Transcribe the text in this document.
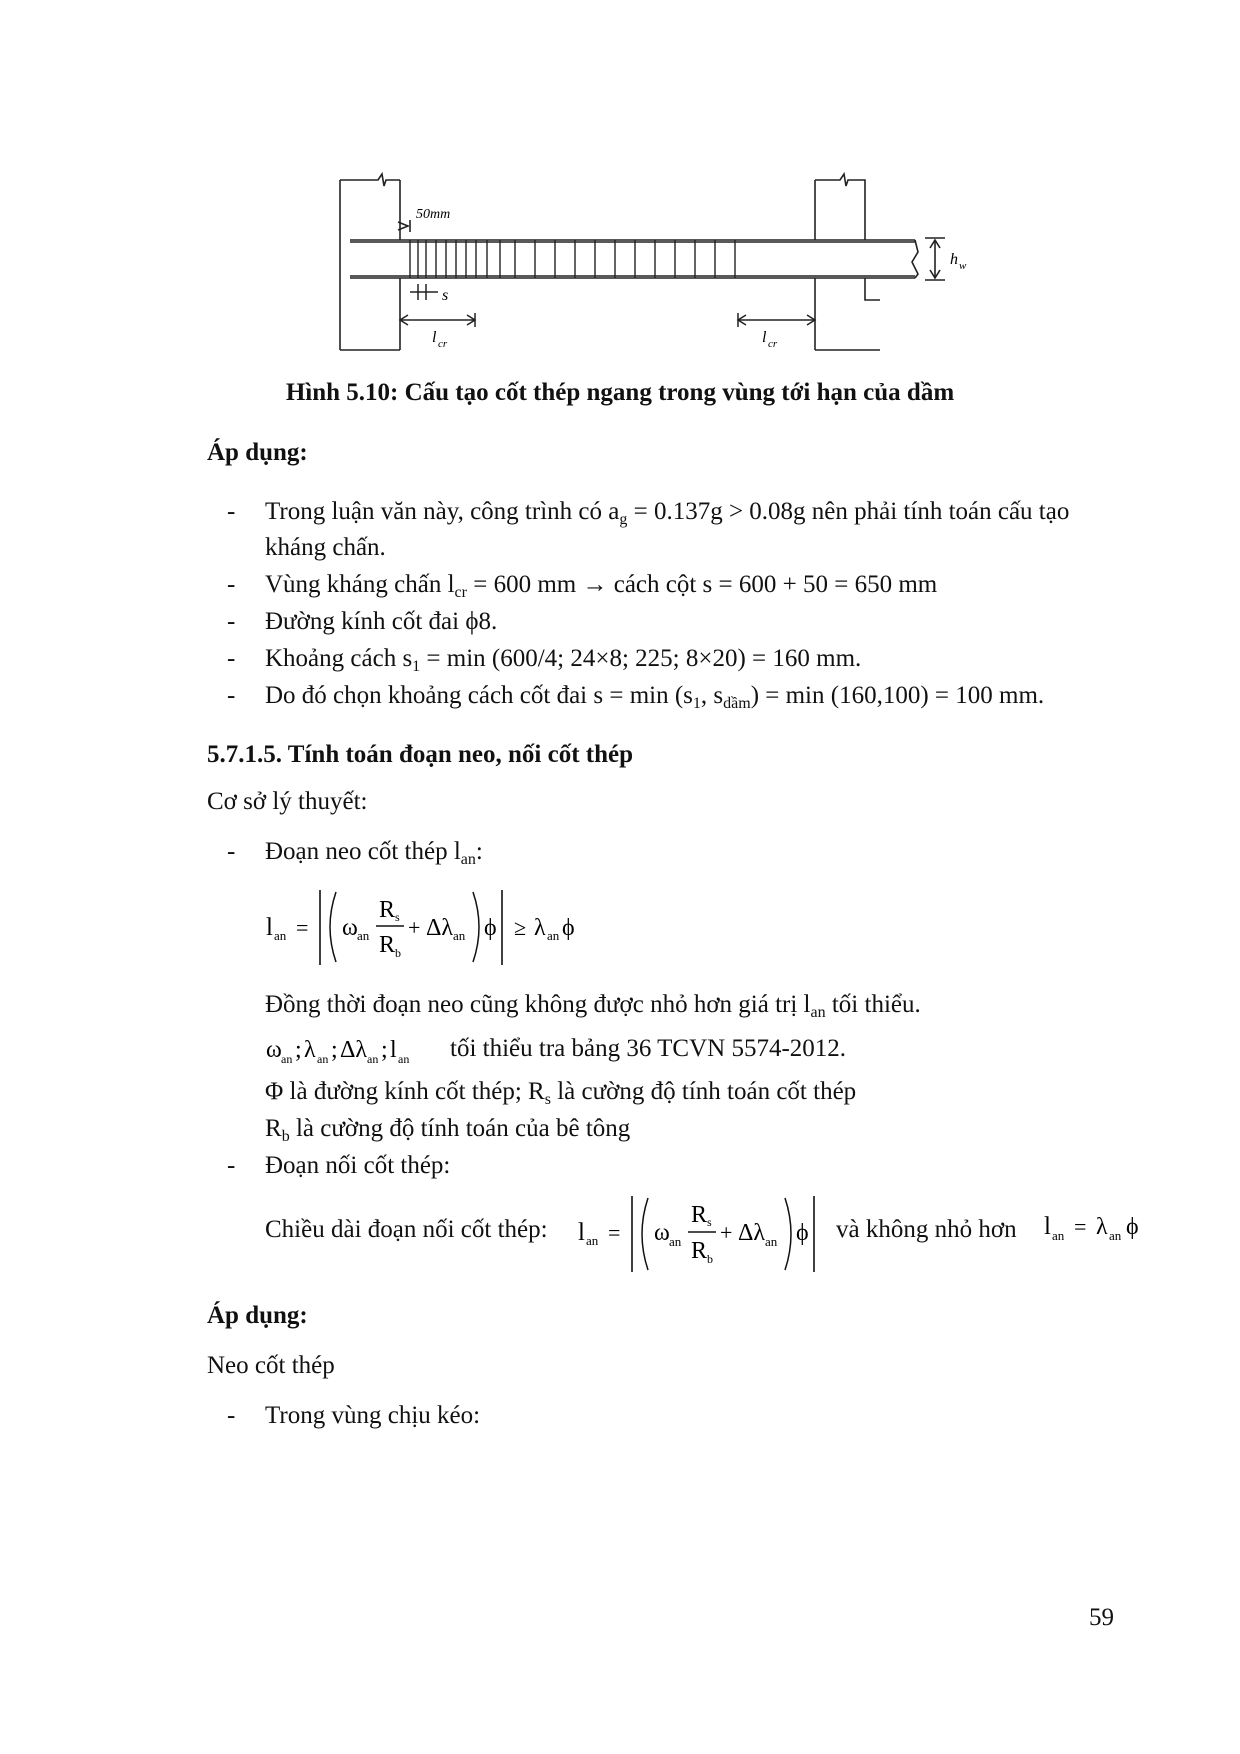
50mm
s
l cr	l cr
h w
Hình 5.10: Cấu tạo cốt thép ngang trong vùng tới hạn của dầm
Áp dụng:
- Trong luận văn này, công trình có $a_g = 0.137g > 0.08g$ nên phải tính toán cấu tạo
kháng chấn.
- Vùng kháng chấn $l_{cr} = 600$ mm → cách cột s = 600 + 50 = 650 mm
- Đường kính cốt đai ϕ8.
- Khoảng cách $s_1 = \min (600/4$; 24×8; 225; 8×20) = 160 mm.
- Do đó chọn khoảng cách cốt đai $s = \min (s_1$, $s_{dầm}) = \min (160,100) = 100$ mm.
5.7.1.5. Tính toán đoạn neo, nối cốt thép
Cơ sở lý thuyết:
- Đoạn neo cốt thép $l_{an}$:
l an = ω an
R s
R b
+ Δλ an ϕ ≥ λ an ϕ
Đồng thời đoạn neo cũng không được nhỏ hơn giá trị $l_{an}$ tối thiểu.
ω an ; λ an ; Δλ an ; l an tối thiểu tra bảng 36 TCVN 5574-2012.
Φ là đường kính cốt thép; $R_s$ là cường độ tính toán cốt thép
$R_b$ là cường độ tính toán của bê tông
- Đoạn nối cốt thép:
Chiều dài đoạn nối cốt thép: l an = ω an
R s
R b
+ Δλ an ϕ và không nhỏ hơn l an = λ an ϕ
Áp dụng:
Neo cốt thép
- Trong vùng chịu kéo:
59
